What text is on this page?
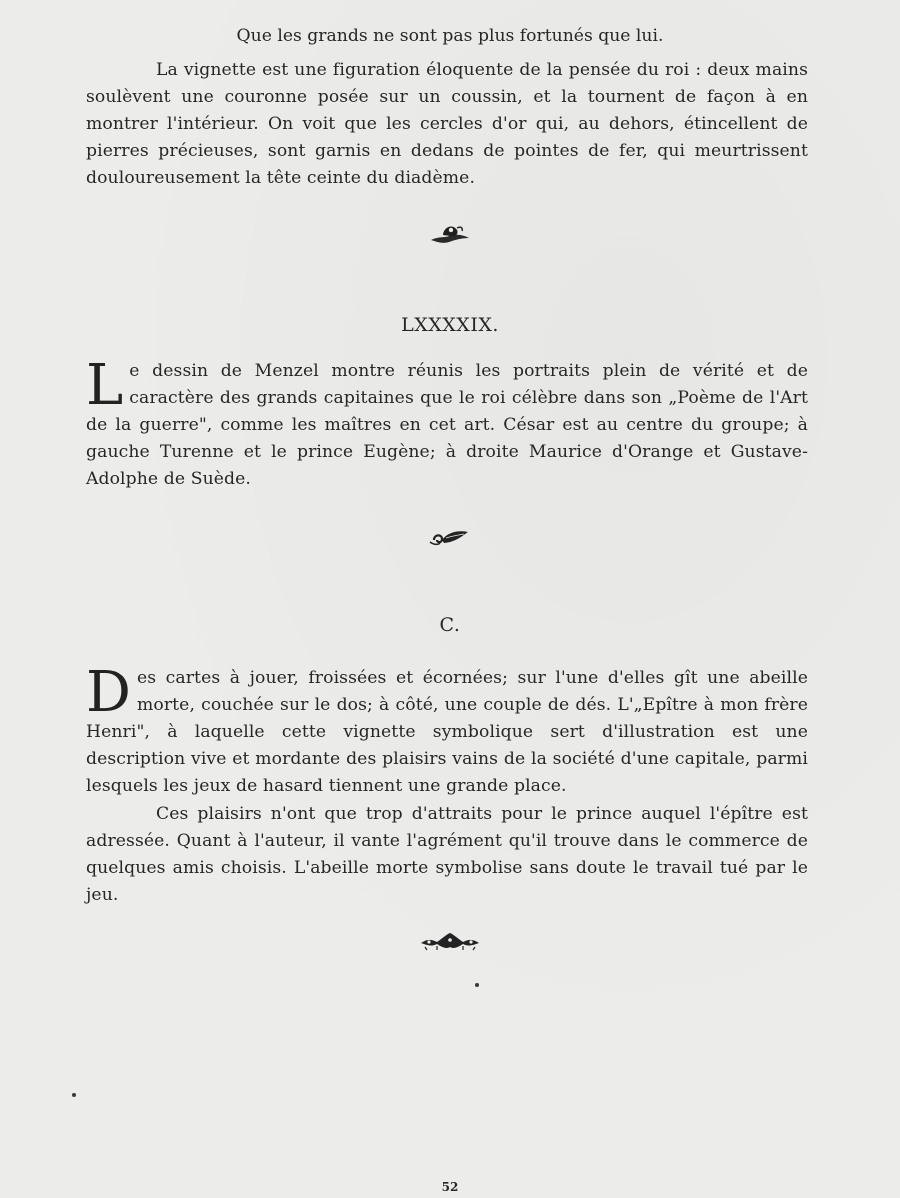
Que les grands ne sont pas plus fortunés que lui.
La vignette est une figuration éloquente de la pensée du roi : deux mains soulèvent une couronne posée sur un coussin, et la tournent de façon à en montrer l'intérieur. On voit que les cercles d'or qui, au dehors, étincellent de pierres précieuses, sont garnis en dedans de pointes de fer, qui meurtrissent douloureusement la tête ceinte du diadème.
LXXXXIX.
Le dessin de Menzel montre réunis les portraits plein de vérité et de caractère des grands capitaines que le roi célèbre dans son „Poème de l'Art de la guerre", comme les maîtres en cet art. César est au centre du groupe; à gauche Turenne et le prince Eugène; à droite Maurice d'Orange et Gustave-Adolphe de Suède.
C.
Des cartes à jouer, froissées et écornées; sur l'une d'elles gît une abeille morte, couchée sur le dos; à côté, une couple de dés. L'„Epître à mon frère Henri", à laquelle cette vignette symbolique sert d'illustration est une description vive et mordante des plaisirs vains de la société d'une capitale, parmi lesquels les jeux de hasard tiennent une grande place.
Ces plaisirs n'ont que trop d'attraits pour le prince auquel l'épître est adressée. Quant à l'auteur, il vante l'agrément qu'il trouve dans le commerce de quelques amis choisis. L'abeille morte symbolise sans doute le travail tué par le jeu.
52
